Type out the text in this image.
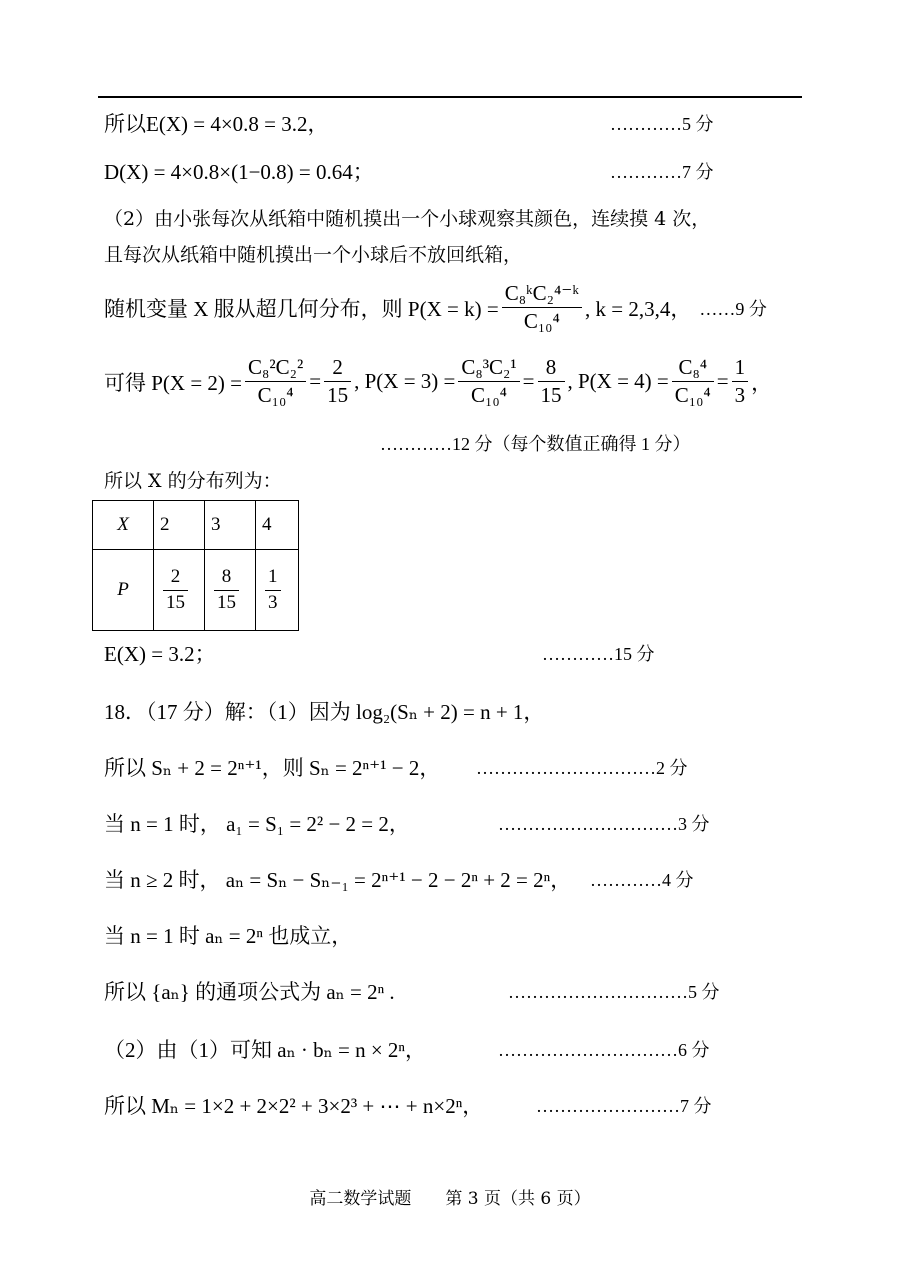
所以E(X) = 4×0.8 = 3.2，	…………5 分
D(X) = 4×0.8×(1−0.8) = 0.64；	…………7 分
（2）由小张每次从纸箱中随机摸出一个小球观察其颜色，连续摸 4 次，
且每次从纸箱中随机摸出一个小球后不放回纸箱，
随机变量 X 服从超几何分布，则 $P(X = k) = \frac{\text{C₈ᵏC₂⁴⁻ᵏ}}{\text{C₁₀⁴}}$ , k = 2,3,4， ……9 分
可得 $P(X = 2) = \frac{\text{C₈²C₂²}}{\text{C₁₀⁴}} = \frac{2}{15}$ , $P(X = 3) = \frac{\text{C₈³C₂¹}}{\text{C₁₀⁴}} = \frac{8}{15}$ , $P(X = 4) = \frac{\text{C₈⁴}}{\text{C₁₀⁴}} = \frac{1}{3}$ ，
…………12 分（每个数值正确得 1 分）
所以 X 的分布列为：
X	2	3	4
P	$\frac{2}{15}$	$\frac{8}{15}$	$\frac{1}{3}$
E(X) = 3.2；	…………15 分
18．（17 分）解：（1）因为 log₂(Sₙ + 2) = n + 1，
所以 Sₙ + 2 = 2ⁿ⁺¹，则 Sₙ = 2ⁿ⁺¹ − 2， …………………………2 分
当 n = 1 时， a₁ = S₁ = 2² − 2 = 2，	…………………………3 分
当 n ≥ 2 时， aₙ = Sₙ − Sₙ₋₁ = 2ⁿ⁺¹ − 2 − 2ⁿ + 2 = 2ⁿ， …………4 分
当 n = 1 时 aₙ = 2ⁿ 也成立，
所以 {aₙ} 的通项公式为 aₙ = 2ⁿ .	…………………………5 分
（2）由（1）可知 aₙ · bₙ = n × 2ⁿ，	…………………………6 分
所以 Mₙ = 1×2 + 2×2² + 3×2³ + ⋯ + n×2ⁿ，	……………………7 分
高二数学试题　　第 3 页（共 6 页）
